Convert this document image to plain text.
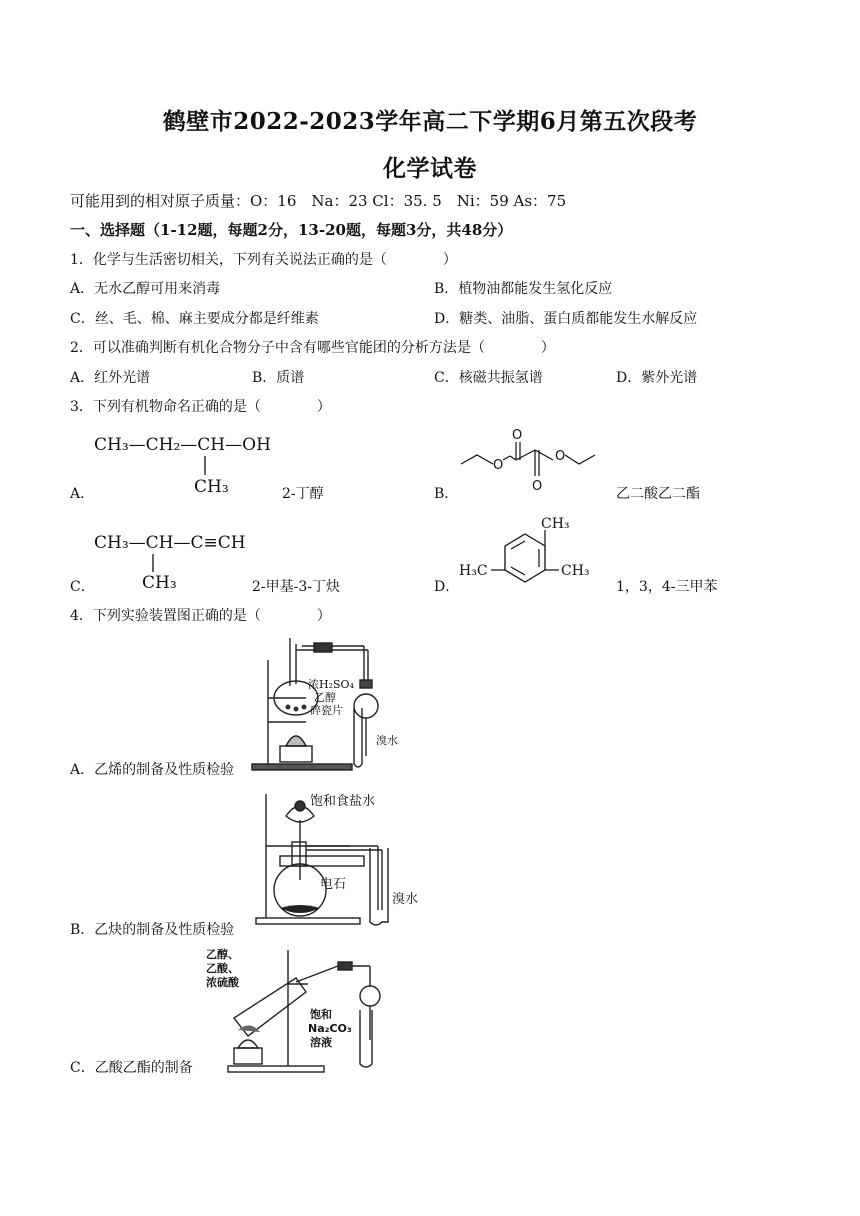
鹤壁市2022-2023学年高二下学期6月第五次段考
化学试卷
可能用到的相对原子质量：O：16　Na：23 Cl：35. 5　Ni：59 As：75
一、选择题（1-12题，每题2分，13-20题，每题3分，共48分）
1．化学与生活密切相关，下列有关说法正确的是（　　　　）
A．无水乙醇可用来消毒	B．植物油都能发生氢化反应
C．丝、毛、棉、麻主要成分都是纤维素	D．糖类、油脂、蛋白质都能发生水解反应
2．可以准确判断有机化合物分子中含有哪些官能团的分析方法是（　　　　）
A．红外光谱	B．质谱	C．核磁共振氢谱	D．紫外光谱
3．下列有机物命名正确的是（　　　　）
CH₃—CH₂—CH—OH
CH₃
A．	2-丁醇
O
O
O
O
B．	乙二酸乙二酯
CH₃—CH—C≡CH
CH₃
C．	2-甲基-3-丁炔
CH₃
H₃C	CH₃
D．	1，3，4-三甲苯
4．下列实验装置图正确的是（　　　　）
浓H₂SO₄
乙醇
碎瓷片
溴水
A．乙烯的制备及性质检验
饱和食盐水
电石
溴水
B．乙炔的制备及性质检验
乙醇、
乙酸、
浓硫酸
饱和
Na₂CO₃
溶液
C．乙酸乙酯的制备
